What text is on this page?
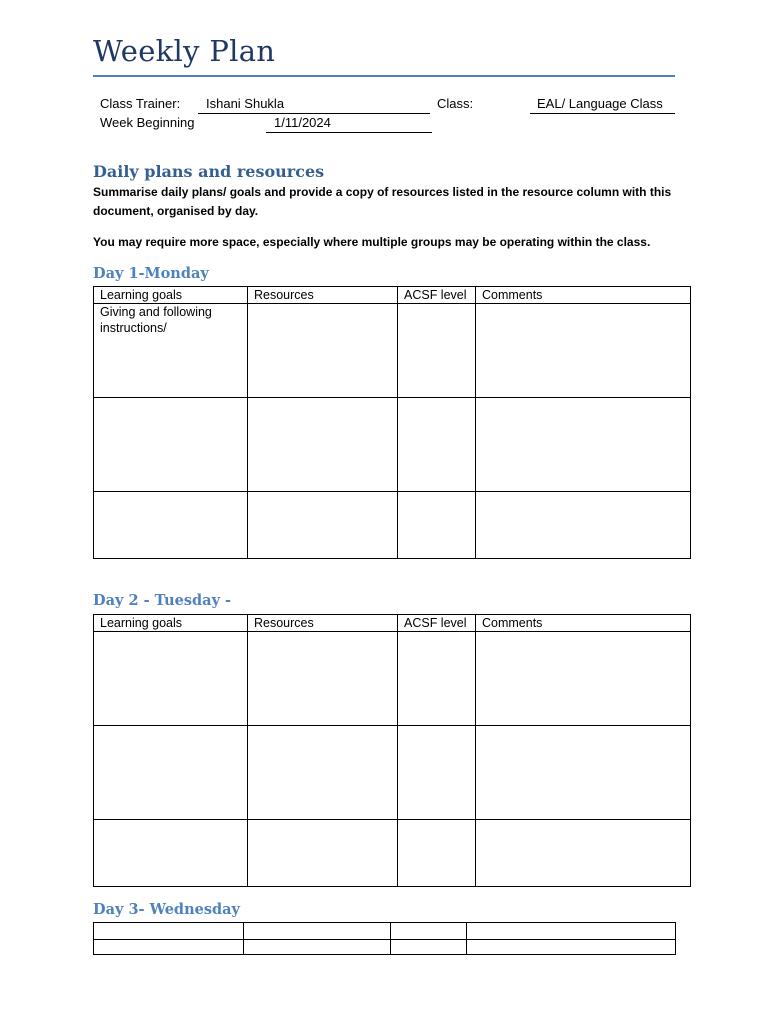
Weekly Plan
Class Trainer: Ishani Shukla	Class:	EAL/ Language Class
Week Beginning	1/11/2024
Daily plans and resources
Summarise daily plans/ goals and provide a copy of resources listed in the resource column with this document, organised by day.
You may require more space, especially where multiple groups may be operating within the class.
Day 1-Monday
Learning goals	Resources	ACSF level	Comments
Giving and following instructions/			

Day 2 - Tuesday -
Learning goals	Resources	ACSF level	Comments

Day 3- Wednesday
